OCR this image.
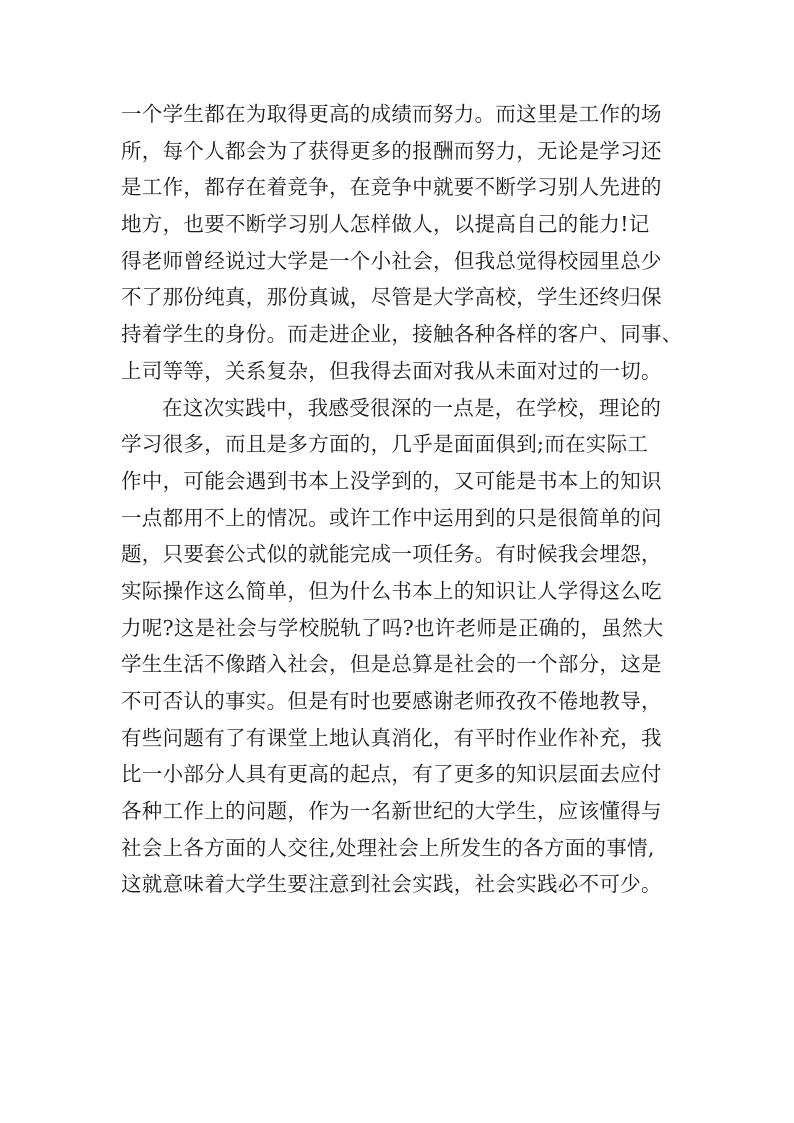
一个学生都在为取得更高的成绩而努力。而这里是工作的场
所，每个人都会为了获得更多的报酬而努力，无论是学习还
是工作，都存在着竞争，在竞争中就要不断学习别人先进的
地方，也要不断学习别人怎样做人，以提高自己的能力!记
得老师曾经说过大学是一个小社会，但我总觉得校园里总少
不了那份纯真，那份真诚，尽管是大学高校，学生还终归保
持着学生的身份。而走进企业，接触各种各样的客户、同事、
上司等等，关系复杂，但我得去面对我从未面对过的一切。
在这次实践中，我感受很深的一点是，在学校，理论的
学习很多，而且是多方面的，几乎是面面俱到;而在实际工
作中，可能会遇到书本上没学到的，又可能是书本上的知识
一点都用不上的情况。或许工作中运用到的只是很简单的问
题，只要套公式似的就能完成一项任务。有时候我会埋怨，
实际操作这么简单，但为什么书本上的知识让人学得这么吃
力呢?这是社会与学校脱轨了吗?也许老师是正确的，虽然大
学生生活不像踏入社会，但是总算是社会的一个部分，这是
不可否认的事实。但是有时也要感谢老师孜孜不倦地教导，
有些问题有了有课堂上地认真消化，有平时作业作补充，我
比一小部分人具有更高的起点，有了更多的知识层面去应付
各种工作上的问题，作为一名新世纪的大学生，应该懂得与
社会上各方面的人交往,处理社会上所发生的各方面的事情,
这就意味着大学生要注意到社会实践，社会实践必不可少。
